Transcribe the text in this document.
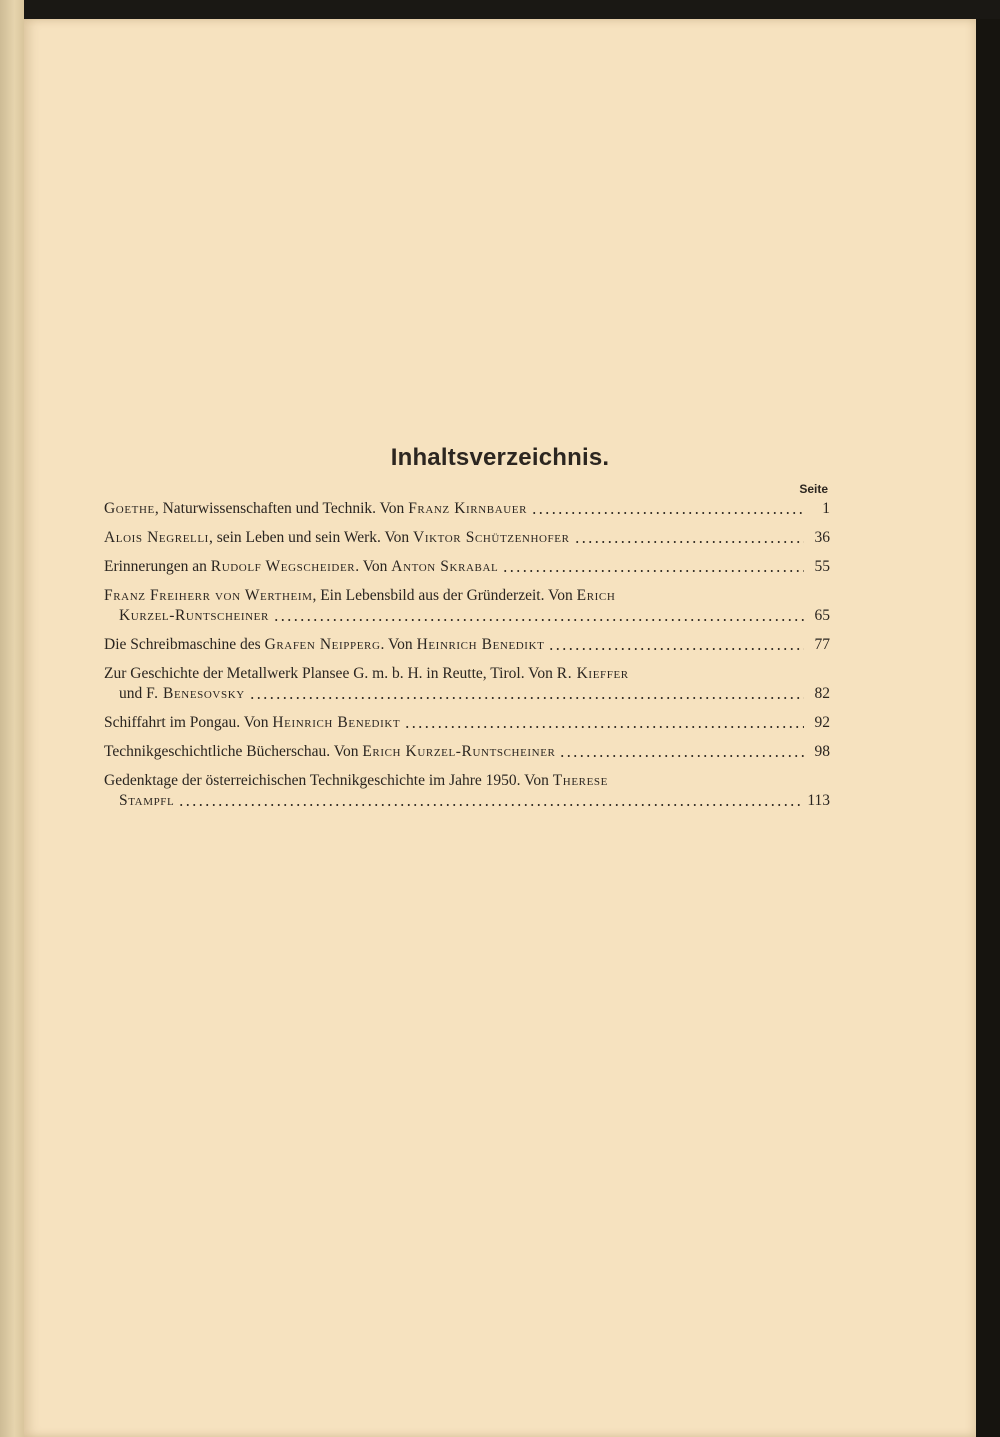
Inhaltsverzeichnis.
Seite
Goethe, Naturwissenschaften und Technik. Von Franz Kirnbauer	1
Alois Negrelli, sein Leben und sein Werk. Von Viktor Schützenhofer	36
Erinnerungen an Rudolf Wegscheider. Von Anton Skrabal	55
Franz Freiherr von Wertheim, Ein Lebensbild aus der Gründerzeit. Von Erich
Kurzel-Runtscheiner	65
Die Schreibmaschine des Grafen Neipperg. Von Heinrich Benedikt	77
Zur Geschichte der Metallwerk Plansee G. m. b. H. in Reutte, Tirol. Von R. Kieffer
und F. Benesovsky	82
Schiffahrt im Pongau. Von Heinrich Benedikt	92
Technikgeschichtliche Bücherschau. Von Erich Kurzel-Runtscheiner	98
Gedenktage der österreichischen Technikgeschichte im Jahre 1950. Von Therese
Stampfl	113
